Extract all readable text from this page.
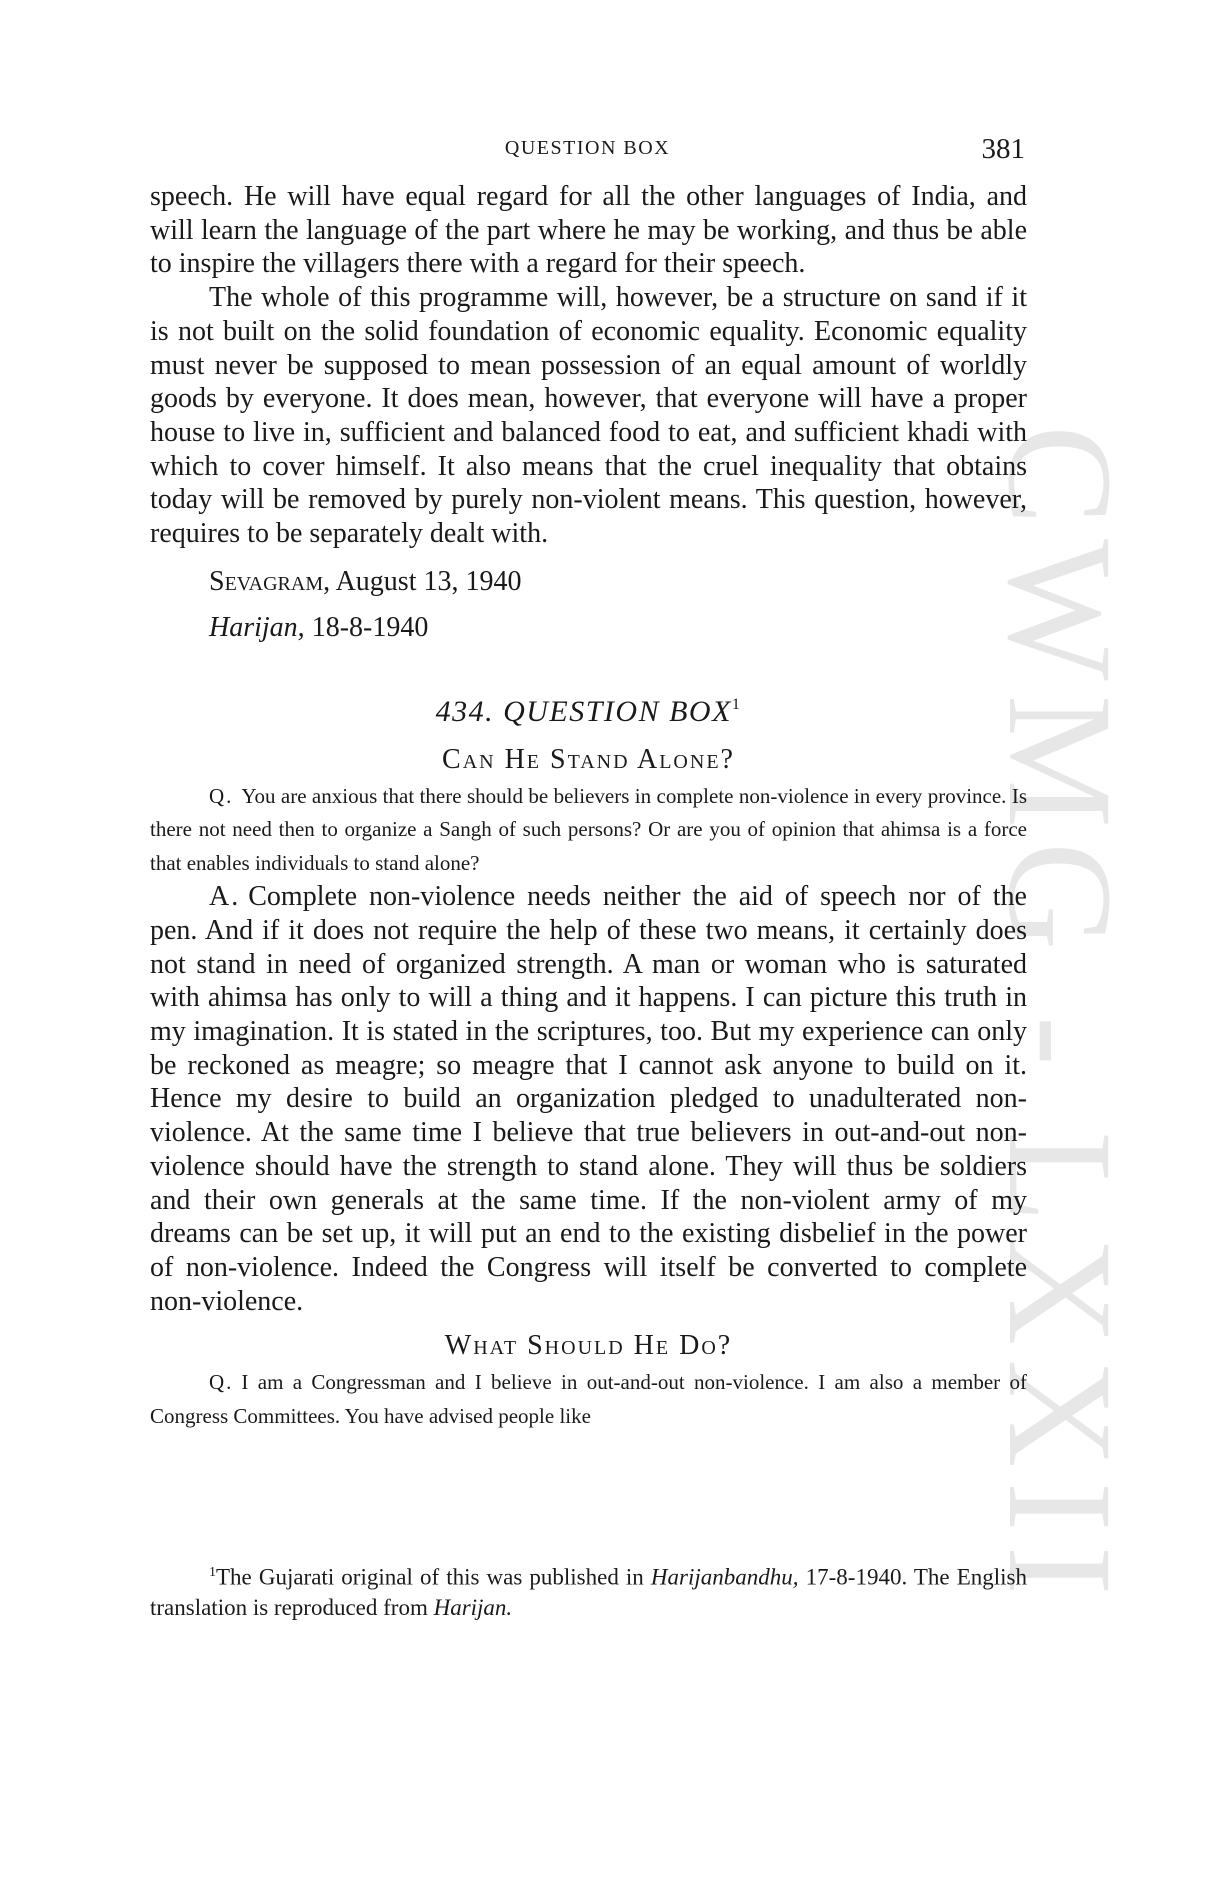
CWMG - LXXII
QUESTION BOX	381

speech. He will have equal regard for all the other languages of India, and will learn the language of the part where he may be working, and thus be able to inspire the villagers there with a regard for their speech.

The whole of this programme will, however, be a structure on sand if it is not built on the solid foundation of economic equality. Economic equality must never be supposed to mean possession of an equal amount of worldly goods by everyone. It does mean, however, that everyone will have a proper house to live in, sufficient and balanced food to eat, and sufficient khadi with which to cover himself. It also means that the cruel inequality that obtains today will be removed by purely non-violent means. This question, however, requires to be separately dealt with.

Sevagram, August 13, 1940
Harijan, 18-8-1940
434. QUESTION BOX$^1$
Can He Stand Alone?

Q. You are anxious that there should be believers in complete non-violence in every province. Is there not need then to organize a Sangh of such persons? Or are you of opinion that ahimsa is a force that enables individuals to stand alone?

A. Complete non-violence needs neither the aid of speech nor of the pen. And if it does not require the help of these two means, it certainly does not stand in need of organized strength. A man or woman who is saturated with ahimsa has only to will a thing and it happens. I can picture this truth in my imagination. It is stated in the scriptures, too. But my experience can only be reckoned as meagre; so meagre that I cannot ask anyone to build on it. Hence my desire to build an organization pledged to unadulterated non-violence. At the same time I believe that true believers in out-and-out non-violence should have the strength to stand alone. They will thus be soldiers and their own generals at the same time. If the non-violent army of my dreams can be set up, it will put an end to the existing disbelief in the power of non-violence. Indeed the Congress will itself be converted to complete non-violence.

What Should He Do?

Q. I am a Congressman and I believe in out-and-out non-violence. I am also a member of Congress Committees. You have advised people like

$^1$The Gujarati original of this was published in Harijanbandhu, 17-8-1940. The English translation is reproduced from Harijan.
